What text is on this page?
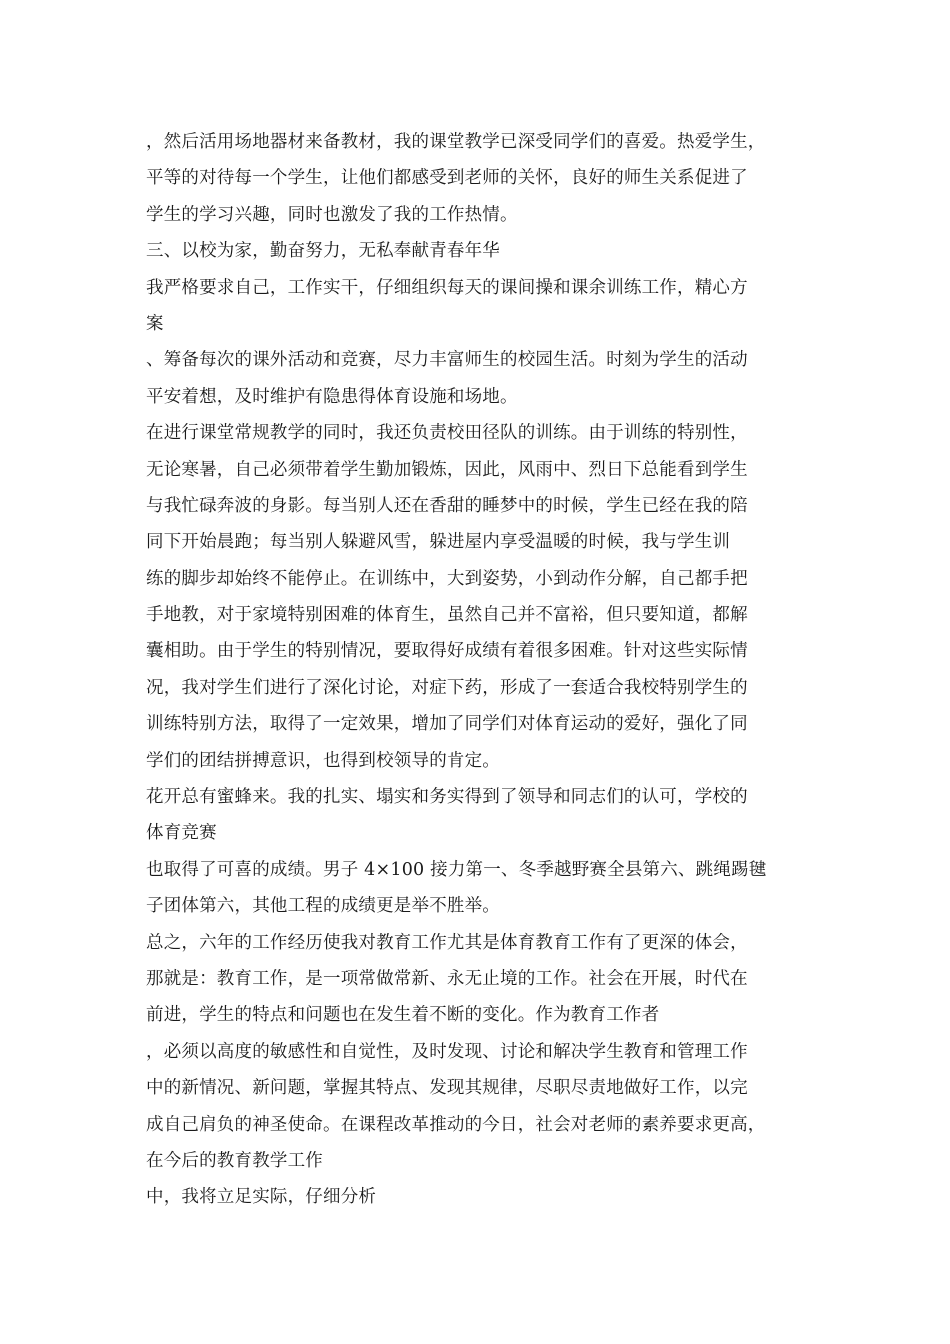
，然后活用场地器材来备教材，我的课堂教学已深受同学们的喜爱。热爱学生，
平等的对待每一个学生，让他们都感受到老师的关怀，良好的师生关系促进了
学生的学习兴趣，同时也激发了我的工作热情。
三、以校为家，勤奋努力，无私奉献青春年华
我严格要求自己，工作实干，仔细组织每天的课间操和课余训练工作，精心方
案
、筹备每次的课外活动和竞赛，尽力丰富师生的校园生活。时刻为学生的活动
平安着想，及时维护有隐患得体育设施和场地。
在进行课堂常规教学的同时，我还负责校田径队的训练。由于训练的特别性，
无论寒暑，自己必须带着学生勤加锻炼，因此，风雨中、烈日下总能看到学生
与我忙碌奔波的身影。每当别人还在香甜的睡梦中的时候，学生已经在我的陪
同下开始晨跑；每当别人躲避风雪，躲进屋内享受温暖的时候，我与学生训
练的脚步却始终不能停止。在训练中，大到姿势，小到动作分解，自己都手把
手地教，对于家境特别困难的体育生，虽然自己并不富裕，但只要知道，都解
囊相助。由于学生的特别情况，要取得好成绩有着很多困难。针对这些实际情
况，我对学生们进行了深化讨论，对症下药，形成了一套适合我校特别学生的
训练特别方法，取得了一定效果，增加了同学们对体育运动的爱好，强化了同
学们的团结拼搏意识，也得到校领导的肯定。
花开总有蜜蜂来。我的扎实、塌实和务实得到了领导和同志们的认可，学校的
体育竞赛
也取得了可喜的成绩。男子 4×100 接力第一、冬季越野赛全县第六、跳绳踢毽
子团体第六，其他工程的成绩更是举不胜举。
总之，六年的工作经历使我对教育工作尤其是体育教育工作有了更深的体会，
那就是：教育工作，是一项常做常新、永无止境的工作。社会在开展，时代在
前进，学生的特点和问题也在发生着不断的变化。作为教育工作者
，必须以高度的敏感性和自觉性，及时发现、讨论和解决学生教育和管理工作
中的新情况、新问题，掌握其特点、发现其规律，尽职尽责地做好工作，以完
成自己肩负的神圣使命。在课程改革推动的今日，社会对老师的素养要求更高，
在今后的教育教学工作
中，我将立足实际，仔细分析
